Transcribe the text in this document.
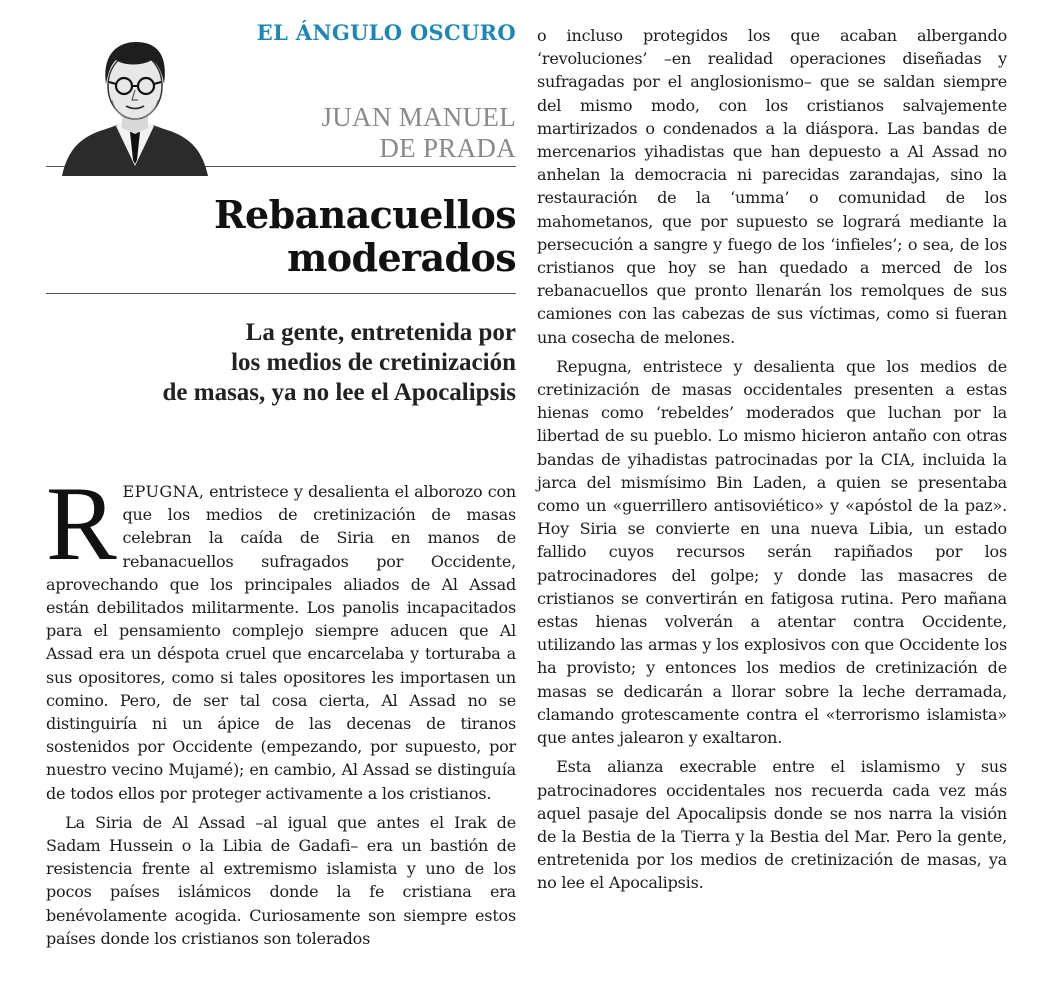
EL ÁNGULO OSCURO

JUAN MANUEL
DE PRADA

Rebanacuellos
moderados
La gente, entretenida por
los medios de cretinización
de masas, ya no lee el Apocalipsis

REPUGNA, entristece y desalienta el alborozo con que los medios de cretinización de masas celebran la caída de Siria en manos de rebanacuellos sufragados por Occidente, aprovechando que los principales aliados de Al Assad están debilitados militarmente. Los panolis incapacitados para el pensamiento complejo siempre aducen que Al Assad era un déspota cruel que encarcelaba y torturaba a sus opositores, como si tales opositores les importasen un comino. Pero, de ser tal cosa cierta, Al Assad no se distinguiría ni un ápice de las decenas de tiranos sostenidos por Occidente (empezando, por supuesto, por nuestro vecino Mujamé); en cambio, Al Assad se distinguía de todos ellos por proteger activamente a los cristianos.

La Siria de Al Assad –al igual que antes el Irak de Sadam Hussein o la Libia de Gadafi– era un bastión de resistencia frente al extremismo islamista y uno de los pocos países islámicos donde la fe cristiana era benévolamente acogida. Curiosamente son siempre estos países donde los cristianos son tolerados

o incluso protegidos los que acaban albergando ‘revoluciones’ –en realidad operaciones diseñadas y sufragadas por el anglosionismo– que se saldan siempre del mismo modo, con los cristianos salvajemente martirizados o condenados a la diáspora. Las bandas de mercenarios yihadistas que han depuesto a Al Assad no anhelan la democracia ni parecidas zarandajas, sino la restauración de la ‘umma’ o comunidad de los mahometanos, que por supuesto se logrará mediante la persecución a sangre y fuego de los ‘infieles’; o sea, de los cristianos que hoy se han quedado a merced de los rebanacuellos que pronto llenarán los remolques de sus camiones con las cabezas de sus víctimas, como si fueran una cosecha de melones.

Repugna, entristece y desalienta que los medios de cretinización de masas occidentales presenten a estas hienas como ‘rebeldes’ moderados que luchan por la libertad de su pueblo. Lo mismo hicieron antaño con otras bandas de yihadistas patrocinadas por la CIA, incluida la jarca del mismísimo Bin Laden, a quien se presentaba como un «guerrillero antisoviético» y «apóstol de la paz». Hoy Siria se convierte en una nueva Libia, un estado fallido cuyos recursos serán rapiñados por los patrocinadores del golpe; y donde las masacres de cristianos se convertirán en fatigosa rutina. Pero mañana estas hienas volverán a atentar contra Occidente, utilizando las armas y los explosivos con que Occidente los ha provisto; y entonces los medios de cretinización de masas se dedicarán a llorar sobre la leche derramada, clamando grotescamente contra el «terrorismo islamista» que antes jalearon y exaltaron.

Esta alianza execrable entre el islamismo y sus patrocinadores occidentales nos recuerda cada vez más aquel pasaje del Apocalipsis donde se nos narra la visión de la Bestia de la Tierra y la Bestia del Mar. Pero la gente, entretenida por los medios de cretinización de masas, ya no lee el Apocalipsis.
